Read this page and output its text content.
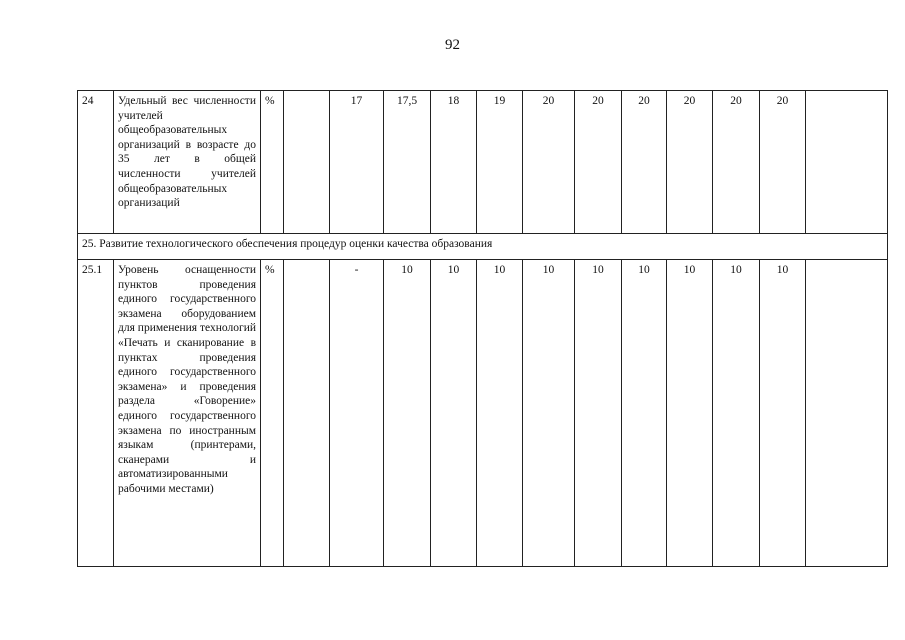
92
24	Удельный вес численности учителей общеобразовательных организаций в возрасте до 35 лет в общей численности учителей общеобразовательных организаций	%		17	17,5	18	19	20	20	20	20	20	20	
25. Развитие технологического обеспечения процедур оценки качества образования														
25.1	Уровень оснащенности пунктов проведения единого государственного экзамена оборудованием для применения технологий «Печать и сканирование в пунктах проведения единого государственного экзамена» и проведения раздела «Говорение» единого государственного экзамена по иностранным языкам (принтерами, сканерами и автоматизированными рабочими местами)	%		-	10	10	10	10	10	10	10	10	10	
